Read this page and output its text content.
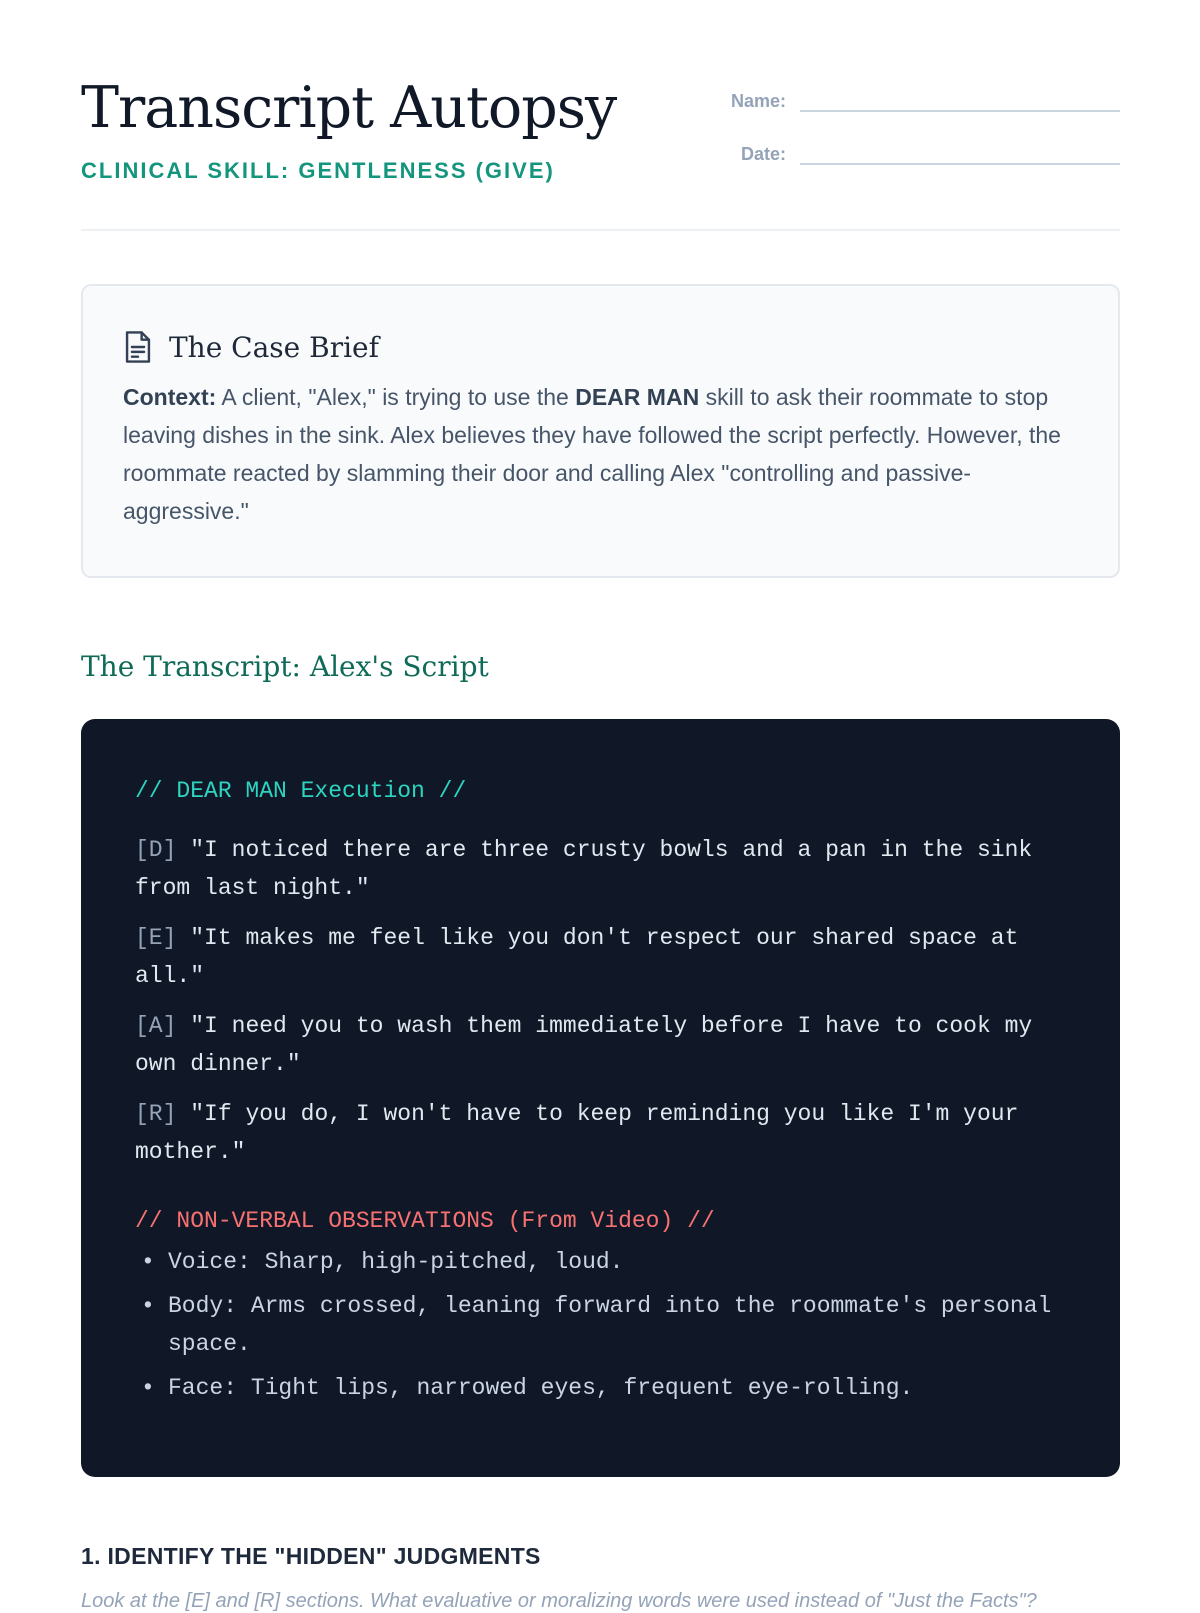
Transcript Autopsy
CLINICAL SKILL: GENTLENESS (GIVE)
Name:
Date:
The Case Brief

Context: A client, "Alex," is trying to use the DEAR MAN skill to ask their roommate to stop leaving dishes in the sink. Alex believes they have followed the script perfectly. However, the roommate reacted by slamming their door and calling Alex "controlling and passive-aggressive."

The Transcript: Alex's Script
// DEAR MAN Execution //
[D] "I noticed there are three crusty bowls and a pan in the sink from last night."
[E] "It makes me feel like you don't respect our shared space at all."
[A] "I need you to wash them immediately before I have to cook my own dinner."
[R] "If you do, I won't have to keep reminding you like I'm your mother."
// NON-VERBAL OBSERVATIONS (From Video) //
• Voice: Sharp, high-pitched, loud.
• Body: Arms crossed, leaning forward into the roommate's personal space.
• Face: Tight lips, narrowed eyes, frequent eye-rolling.
1. IDENTIFY THE "HIDDEN" JUDGMENTS

Look at the [E] and [R] sections. What evaluative or moralizing words were used instead of "Just the Facts"?
